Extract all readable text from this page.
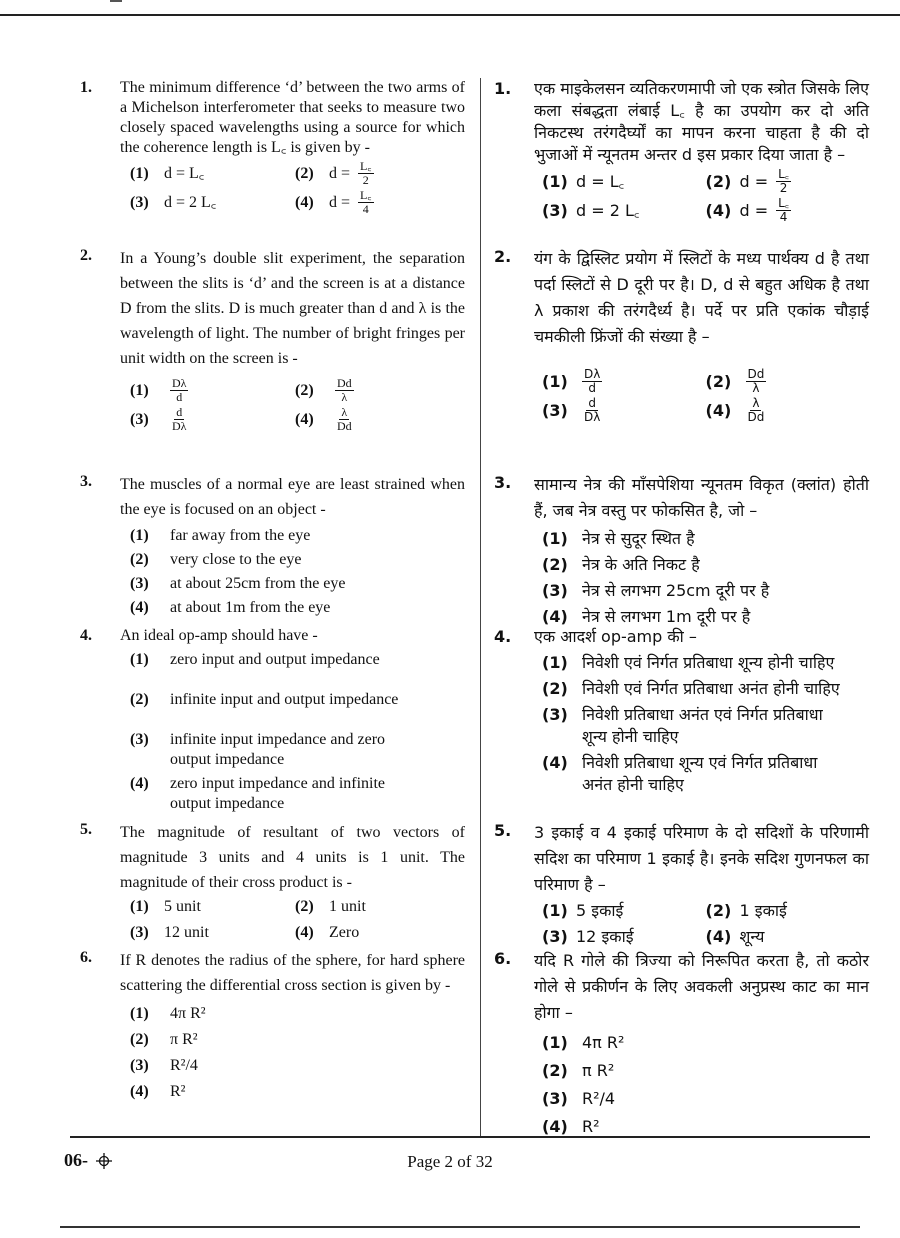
1. The minimum difference ‘d’ between the two arms of a Michelson interferometer that seeks to measure two closely spaced wavelengths using a source for which the coherence length is L꜀ is given by -
(1) d = L꜀	(2) $d = \frac{L꜀}{2}$
(3) d = 2 L꜀	(4) $d = \frac{L꜀}{4}$
2. In a Young’s double slit experiment, the separation between the slits is ‘d’ and the screen is at a distance D from the slits. D is much greater than d and λ is the wavelength of light. The number of bright fringes per unit width on the screen is -
(1)	$\frac{D\lambda}{d}$	(2)	$\frac{Dd}{\lambda}$
(3)	$\frac{d}{D\lambda}$	(4)	$\frac{\lambda}{Dd}$
3. The muscles of a normal eye are least strained when the eye is focused on an object -
(1)	far away from the eye
(2)	very close to the eye
(3)	at about 25cm from the eye
(4)	at about 1m from the eye
4. An ideal op-amp should have -
(1)	zero input and output impedance
(2)	infinite input and output impedance
(3)	infinite input impedance and zero output impedance
(4)	zero input impedance and infinite output impedance
5. The magnitude of resultant of two vectors of magnitude 3 units and 4 units is 1 unit. The magnitude of their cross product is -
(1) 5 unit	(2) 1 unit
(3) 12 unit	(4) Zero
6. If R denotes the radius of the sphere, for hard sphere scattering the differential cross section is given by -
(1)	4π R²
(2)	π R²
(3)	R²/4
(4)	R²
1. एक माइकेलसन व्यतिकरणमापी जो एक स्त्रोत जिसके लिए कला संबद्धता लंबाई L꜀ है का उपयोग कर दो अति निकटस्थ तरंगदैर्घ्यों का मापन करना चाहता है की दो भुजाओं में न्यूनतम अन्तर d इस प्रकार दिया जाता है –
(1) d = L꜀	(2) $d = \frac{L꜀}{2}$
(3) d = 2 L꜀	(4) $d = \frac{L꜀}{4}$
2. यंग के द्विस्लिट प्रयोग में स्लिटों के मध्य पार्थक्य d है तथा पर्दा स्लिटों से D दूरी पर है। D, d से बहुत अधिक है तथा λ प्रकाश की तरंगदैर्ध्य है। पर्दे पर प्रति एकांक चौड़ाई चमकीली फ्रिंजों की संख्या है –
(1)	$\frac{D\lambda}{d}$	(2)	$\frac{Dd}{\lambda}$
(3)	$\frac{d}{D\lambda}$	(4)	$\frac{\lambda}{Dd}$
3. सामान्य नेत्र की माँसपेशिया न्यूनतम विकृत (क्लांत) होती हैं, जब नेत्र वस्तु पर फोकसित है, जो –
(1) नेत्र से सुदूर स्थित है
(2) नेत्र के अति निकट है
(3) नेत्र से लगभग 25cm दूरी पर है
(4) नेत्र से लगभग 1m दूरी पर है
4. एक आदर्श op-amp की –
(1) निवेशी एवं निर्गत प्रतिबाधा शून्य होनी चाहिए
(2) निवेशी एवं निर्गत प्रतिबाधा अनंत होनी चाहिए
(3) निवेशी प्रतिबाधा अनंत एवं निर्गत प्रतिबाधा शून्य होनी चाहिए
(4) निवेशी प्रतिबाधा शून्य एवं निर्गत प्रतिबाधा अनंत होनी चाहिए
5. 3 इकाई व 4 इकाई परिमाण के दो सदिशों के परिणामी सदिश का परिमाण 1 इकाई है। इनके सदिश गुणनफल का परिमाण है –
(1) 5 इकाई	(2) 1 इकाई
(3) 12 इकाई	(4) शून्य
6. यदि R गोले की त्रिज्या को निरूपित करता है, तो कठोर गोले से प्रकीर्णन के लिए अवकली अनुप्रस्थ काट का मान होगा –
(1) 4π R²
(2) π R²
(3) R²/4
(4) R²
06-	Page 2 of 32
